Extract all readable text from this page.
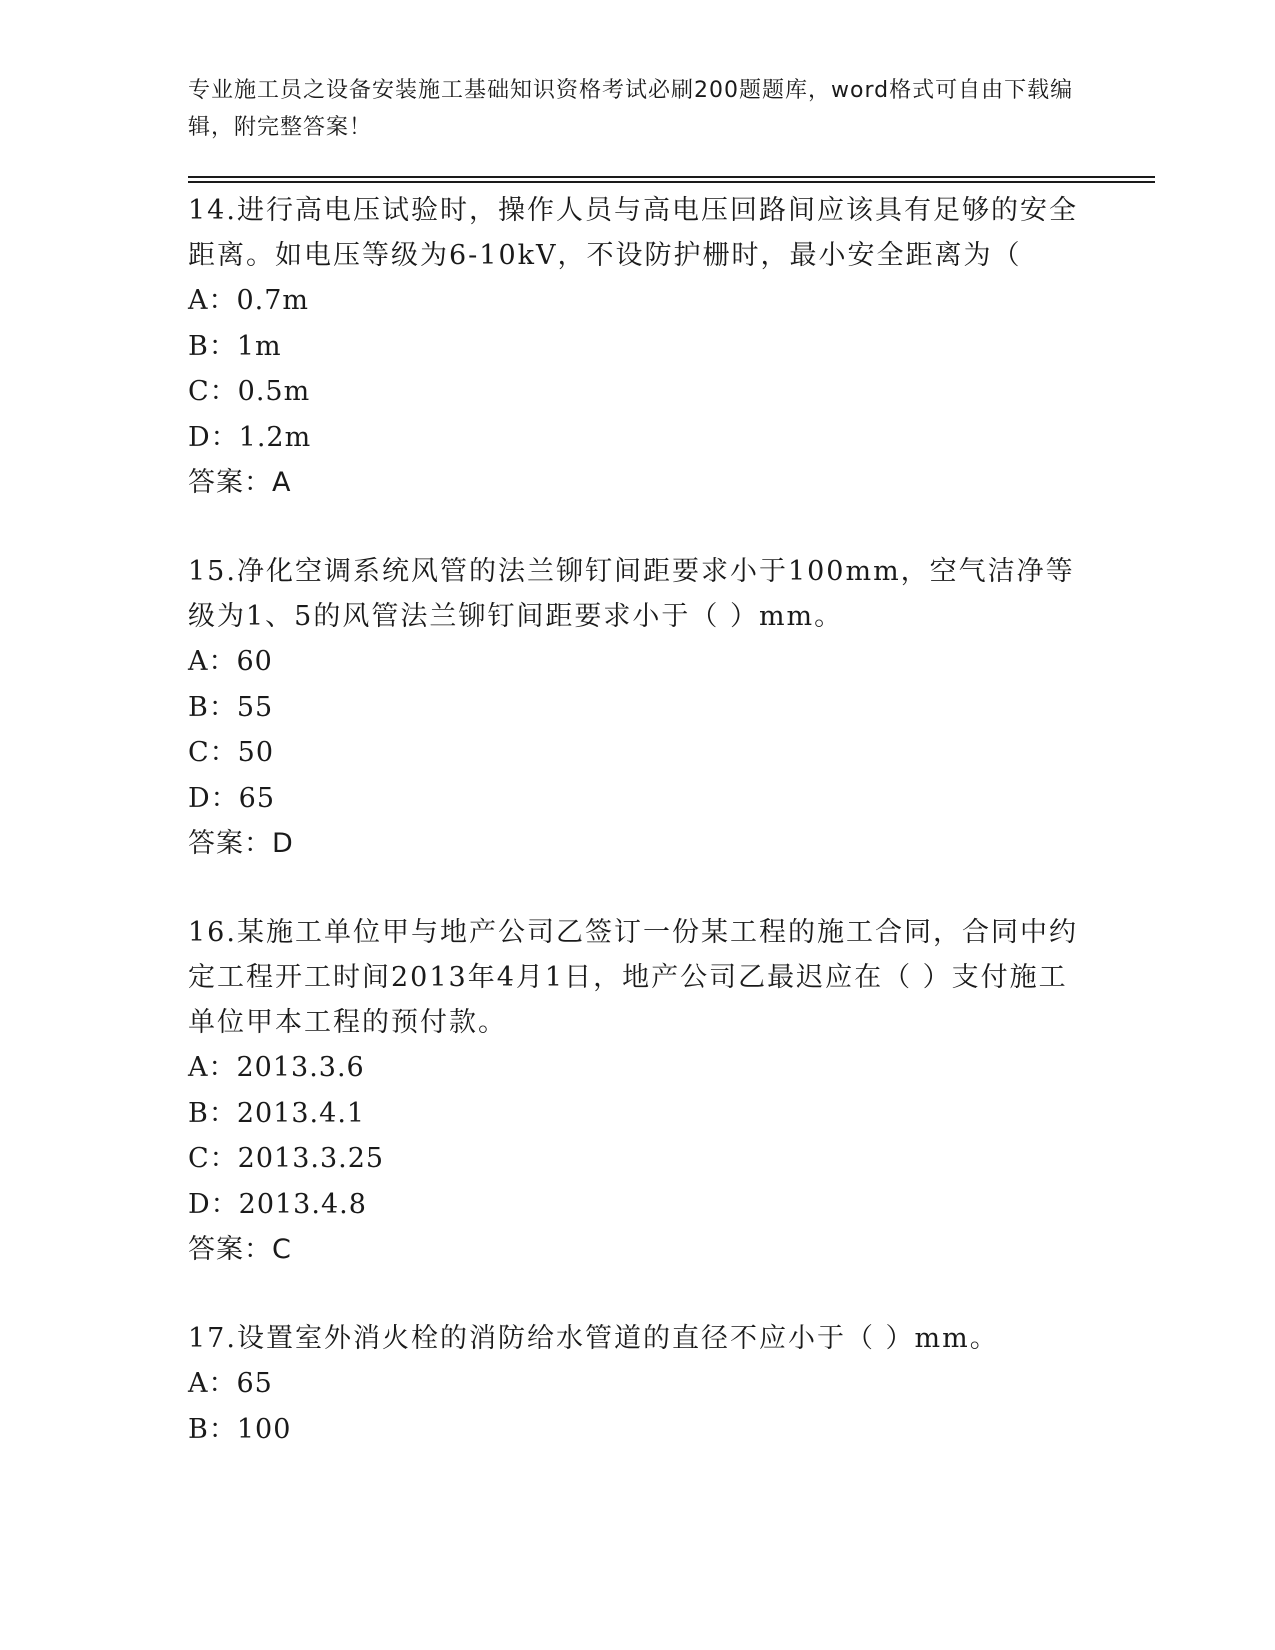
专业施工员之设备安装施工基础知识资格考试必刷200题题库，word格式可自由下载编辑，附完整答案！

14.进行高电压试验时，操作人员与高电压回路间应该具有足够的安全距离。如电压等级为6-10kV，不设防护栅时，最小安全距离为（

A：0.7m
B：1m
C：0.5m
D：1.2m
答案：A

15.净化空调系统风管的法兰铆钉间距要求小于100mm，空气洁净等级为1、5的风管法兰铆钉间距要求小于（ ）mm。

A：60
B：55
C：50
D：65
答案：D

16.某施工单位甲与地产公司乙签订一份某工程的施工合同，合同中约定工程开工时间2013年4月1日，地产公司乙最迟应在（ ）支付施工单位甲本工程的预付款。

A：2013.3.6
B：2013.4.1
C：2013.3.25
D：2013.4.8
答案：C

17.设置室外消火栓的消防给水管道的直径不应小于（ ）mm。

A：65
B：100
